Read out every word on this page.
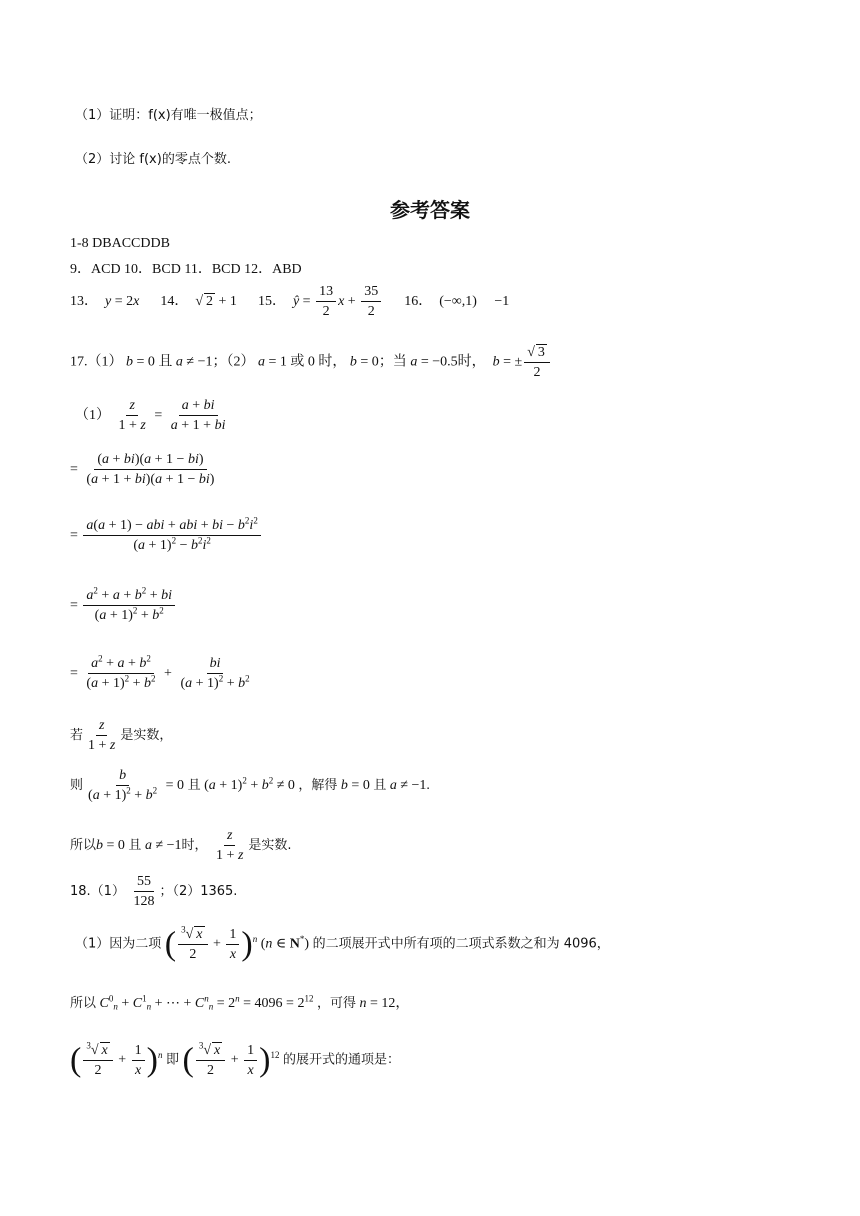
（1）证明：f(x)有唯一极值点；
（2）讨论 f(x)的零点个数.
参考答案
1-8 DBACCDDB
9．ACD 10．BCD 11．BCD 12．ABD
13． y = 2x 14． √ 2 + 1 15． ŷ = $\frac{13}{2}$ $x + \frac{35}{2} 16$． (−∞,1)     −1
17.（1） b = 0 且 a ≠ −1；（2） a = 1 或 0 时， b = 0；当 a = −0.5时， b = ± $\frac{√ 3}{2}$
$(1) \frac{z}{1 + z} = \frac{a + bi}{a + 1 + bi}$
= $\frac{(a + bi)(a + 1 - bi)}{(a + 1 + bi)(a + 1 - bi)}$
= $\frac{a(a + 1) - abi + abi + bi - b^2i^2}{(a + 1)^2 - b^2i^2}$
= $\frac{a^2 + a + b^2 + bi}{(a + 1)^2 + b^2}$
= $\frac{a^2 + a + b^2}{(a + 1)^2 + b^2} + \frac{bi}{(a + 1)^2 + b^2}$
若 $\frac{z}{1 + z}$ 是实数，
则 $\frac{b}{(a + 1)^2 + b^2} = 0$ 且 $(a + 1)^2 + b^2 \ne 0$ ，解得 b = 0 且 a ≠ −1.
所以b = 0 且 a ≠ −1时， $\frac{z}{1 + z}$ 是实数.
$18.(1) \frac{55}{128}$ ；（2）1365.
（1）因为二项 ( $\frac{^3√ x}{2} + \frac{1}{x} )^n$ (n ∈ N*) 的二项展开式中所有项的二项式系数之和为 4096，
所以 $C^0_n + C^1_n$ + ⋯ + $C^n_n = 2^n = 4096 = 2^{12}$ ，可得 n = 12，
( $\frac{^3√ x}{2} + \frac{1}{x} )^n$ 即 ( $\frac{^3√ x}{2} + \frac{1}{x} )^{12}$ 的展开式的通项是：
